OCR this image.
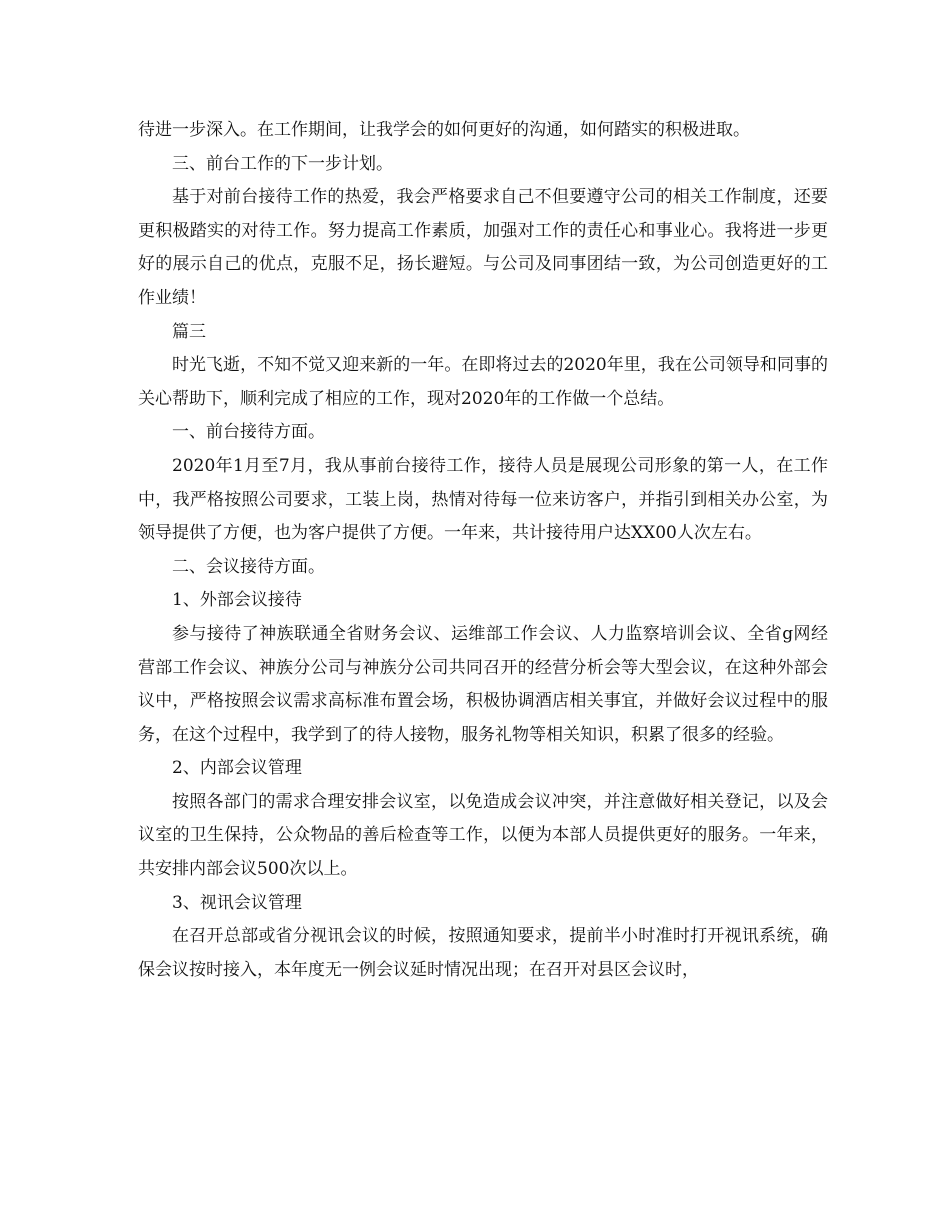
待进一步深入。在工作期间，让我学会的如何更好的沟通，如何踏实的积极进取。

三、前台工作的下一步计划。

基于对前台接待工作的热爱，我会严格要求自己不但要遵守公司的相关工作制度，还要更积极踏实的对待工作。努力提高工作素质，加强对工作的责任心和事业心。我将进一步更好的展示自己的优点，克服不足，扬长避短。与公司及同事团结一致，为公司创造更好的工作业绩！

篇三

时光飞逝，不知不觉又迎来新的一年。在即将过去的2020年里，我在公司领导和同事的关心帮助下，顺利完成了相应的工作，现对2020年的工作做一个总结。

一、前台接待方面。

2020年1月至7月，我从事前台接待工作，接待人员是展现公司形象的第一人，在工作中，我严格按照公司要求，工装上岗，热情对待每一位来访客户，并指引到相关办公室，为领导提供了方便，也为客户提供了方便。一年来，共计接待用户达XX00人次左右。

二、会议接待方面。

1、外部会议接待

参与接待了神族联通全省财务会议、运维部工作会议、人力监察培训会议、全省g网经营部工作会议、神族分公司与神族分公司共同召开的经营分析会等大型会议，在这种外部会议中，严格按照会议需求高标准布置会场，积极协调酒店相关事宜，并做好会议过程中的服务，在这个过程中，我学到了的待人接物，服务礼物等相关知识，积累了很多的经验。

2、内部会议管理

按照各部门的需求合理安排会议室，以免造成会议冲突，并注意做好相关登记，以及会议室的卫生保持，公众物品的善后检查等工作，以便为本部人员提供更好的服务。一年来，共安排内部会议500次以上。

3、视讯会议管理

在召开总部或省分视讯会议的时候，按照通知要求，提前半小时准时打开视讯系统，确保会议按时接入，本年度无一例会议延时情况出现；在召开对县区会议时，
